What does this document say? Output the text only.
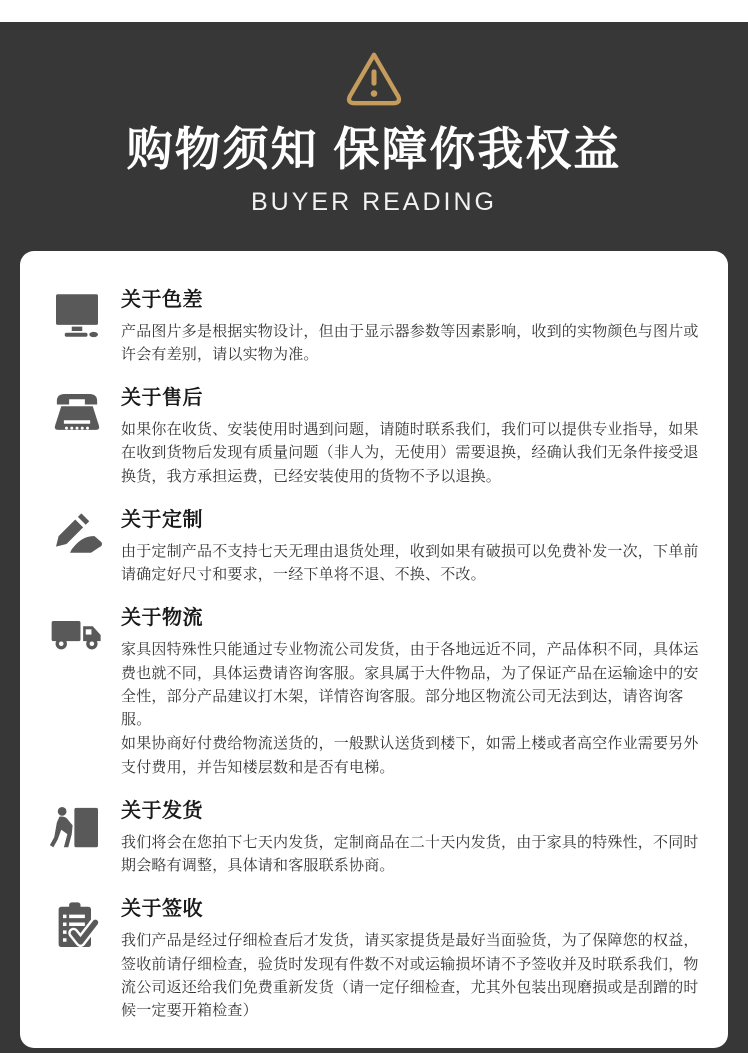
购物须知 保障你我权益
BUYER READING
关于色差

产品图片多是根据实物设计，但由于显示器参数等因素影响，收到的实物颜色与图片或许会有差别，请以实物为准。

关于售后

如果你在收货、安装使用时遇到问题，请随时联系我们，我们可以提供专业指导，如果在收到货物后发现有质量问题（非人为，无使用）需要退换，经确认我们无条件接受退换货，我方承担运费，已经安装使用的货物不予以退换。

关于定制

由于定制产品不支持七天无理由退货处理，收到如果有破损可以免费补发一次，下单前请确定好尺寸和要求，一经下单将不退、不换、不改。

关于物流

家具因特殊性只能通过专业物流公司发货，由于各地远近不同，产品体积不同，具体运费也就不同，具体运费请咨询客服。家具属于大件物品，为了保证产品在运输途中的安全性，部分产品建议打木架，详情咨询客服。部分地区物流公司无法到达，请咨询客服。

如果协商好付费给物流送货的，一般默认送货到楼下，如需上楼或者高空作业需要另外支付费用，并告知楼层数和是否有电梯。

关于发货

我们将会在您拍下七天内发货，定制商品在二十天内发货，由于家具的特殊性，不同时期会略有调整，具体请和客服联系协商。

关于签收

我们产品是经过仔细检查后才发货，请买家提货是最好当面验货，为了保障您的权益，签收前请仔细检查，验货时发现有件数不对或运输损坏请不予签收并及时联系我们，物流公司返还给我们免费重新发货（请一定仔细检查，尤其外包装出现磨损或是刮蹭的时候一定要开箱检查）
